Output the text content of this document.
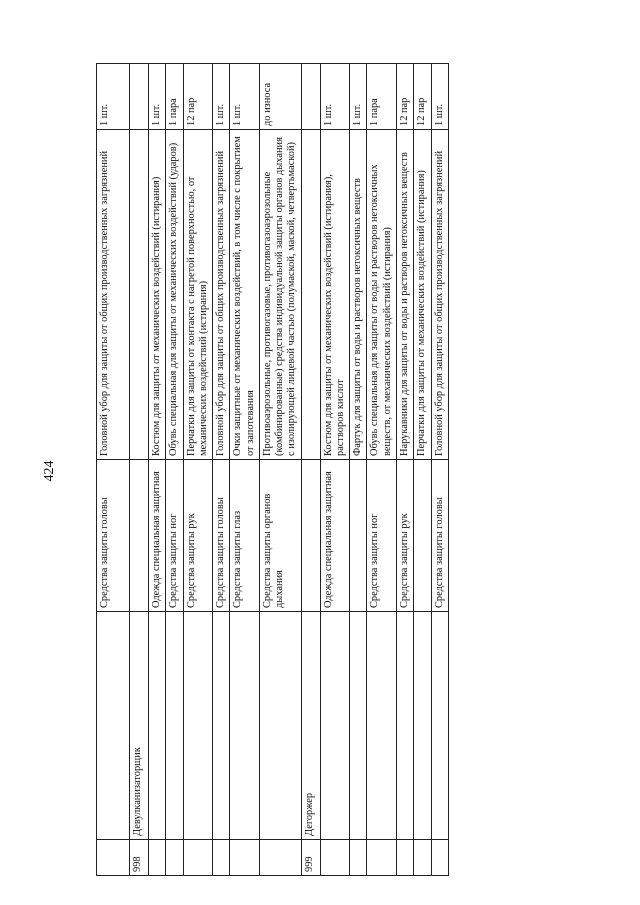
424
		Средства защиты головы	Головной убор для защиты от общих производственных загрязнений	1 шт.
998	Девулканизаторщик			
		Одежда специальная защитная	Костюм для защиты от механических воздействий (истирания)	1 шт.
		Средства защиты ног	Обувь специальная для защиты от механических воздействий (ударов)	1 пара
		Средства защиты рук	Перчатки для защиты от контакта с нагретой поверхностью, от механических воздействий (истирания)	12 пар
		Средства защиты головы	Головной убор для защиты от общих производственных загрязнений	1 шт.
		Средства защиты глаз	Очки защитные от механических воздействий, в том числе с покрытием от запотевания	1 шт.
		Средства защиты органов дыхания	Противоаэрозольные, противогазовые, противогазоаэрозольные (комбинированные) средства индивидуальной защиты органов дыхания с изолирующей лицевой частью (полумаской, маской, четвертьмаской)	до износа
999	Дегоржер			
		Одежда специальная защитная	Костюм для защиты от механических воздействий (истирания), растворов кислот	1 шт.
			Фартук для защиты от воды и растворов нетоксичных веществ	1 шт.
		Средства защиты ног	Обувь специальная для защиты от воды и растворов нетоксичных веществ, от механических воздействий (истирания)	1 пара
		Средства защиты рук	Нарукавники для защиты от воды и растворов нетоксичных веществ	12 пар
			Перчатки для защиты от механических воздействий (истирания)	12 пар
		Средства защиты головы	Головной убор для защиты от общих производственных загрязнений	1 шт.
